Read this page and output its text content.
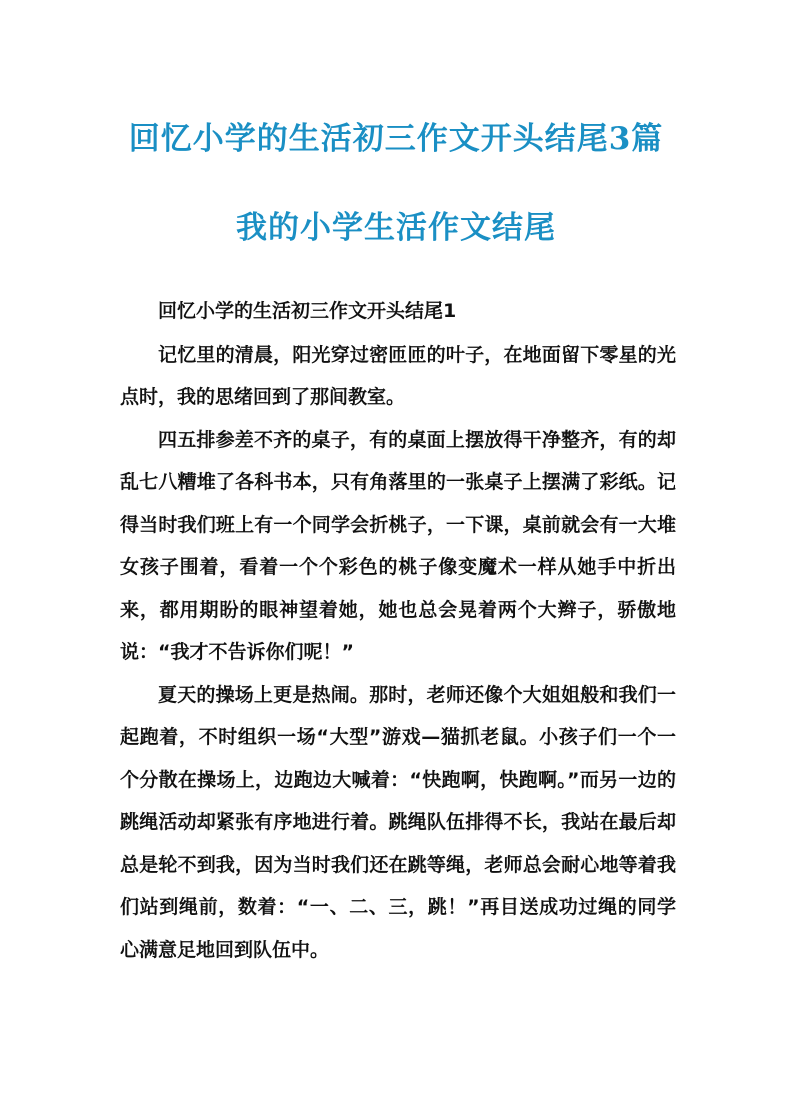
回忆小学的生活初三作文开头结尾3篇
我的小学生活作文结尾

回忆小学的生活初三作文开头结尾1

记忆里的清晨，阳光穿过密匝匝的叶子，在地面留下零星的光点时，我的思绪回到了那间教室。

四五排参差不齐的桌子，有的桌面上摆放得干净整齐，有的却乱七八糟堆了各科书本，只有角落里的一张桌子上摆满了彩纸。记得当时我们班上有一个同学会折桃子，一下课，桌前就会有一大堆女孩子围着，看着一个个彩色的桃子像变魔术一样从她手中折出来，都用期盼的眼神望着她，她也总会晃着两个大辫子，骄傲地说：“我才不告诉你们呢！”

夏天的操场上更是热闹。那时，老师还像个大姐姐般和我们一起跑着，不时组织一场“大型”游戏—猫抓老鼠。小孩子们一个一个分散在操场上，边跑边大喊着：“快跑啊，快跑啊。”而另一边的跳绳活动却紧张有序地进行着。跳绳队伍排得不长，我站在最后却总是轮不到我，因为当时我们还在跳等绳，老师总会耐心地等着我们站到绳前，数着：“一、二、三，跳！”再目送成功过绳的同学心满意足地回到队伍中。
